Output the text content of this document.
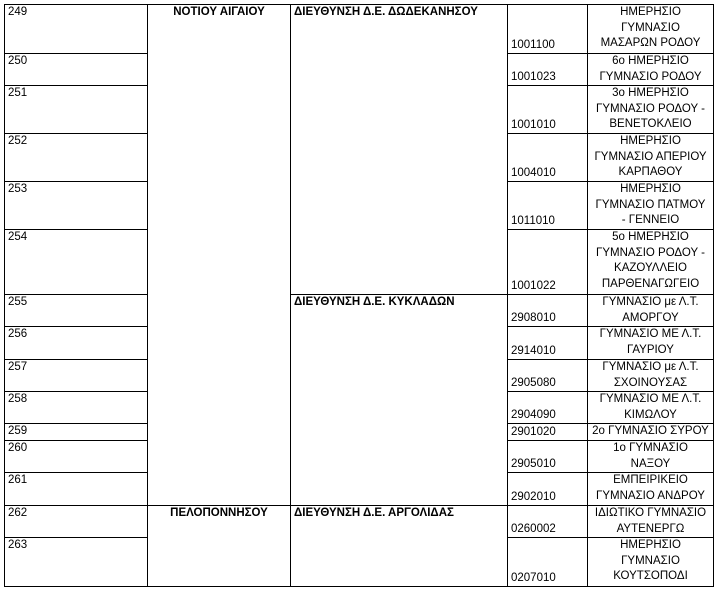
249	ΝΟΤΙΟΥ ΑΙΓΑΙΟΥ	ΔΙΕΥΘΥΝΣΗ Δ.Ε. ΔΩΔΕΚΑΝΗΣΟΥ	1001100	ΗΜΕΡΗΣΙΟ
ΓΥΜΝΑΣΙΟ
ΜΑΣΑΡΩΝ ΡΟΔΟΥ

250			1001023	6ο ΗΜΕΡΗΣΙΟ
ΓΥΜΝΑΣΙΟ ΡΟΔΟΥ

251			1001010	3ο ΗΜΕΡΗΣΙΟ
ΓΥΜΝΑΣΙΟ ΡΟΔΟΥ -
ΒΕΝΕΤΟΚΛΕΙΟ

252			1004010	ΗΜΕΡΗΣΙΟ
ΓΥΜΝΑΣΙΟ ΑΠΕΡΙΟΥ
ΚΑΡΠΑΘΟΥ

253			1011010	ΗΜΕΡΗΣΙΟ
ΓΥΜΝΑΣΙΟ ΠΑΤΜΟΥ
- ΓΕΝΝΕΙΟ

254			1001022	5ο ΗΜΕΡΗΣΙΟ
ΓΥΜΝΑΣΙΟ ΡΟΔΟΥ -
ΚΑΖΟΥΛΛΕΙΟ
ΠΑΡΘΕΝΑΓΩΓΕΙΟ

255		ΔΙΕΥΘΥΝΣΗ Δ.Ε. ΚΥΚΛΑΔΩΝ	2908010	ΓΥΜΝΑΣΙΟ με Λ.Τ.
ΑΜΟΡΓΟΥ

256			2914010	ΓΥΜΝΑΣΙΟ ΜΕ Λ.Τ.
ΓΑΥΡΙΟΥ

257			2905080	ΓΥΜΝΑΣΙΟ με Λ.Τ.
ΣΧΟΙΝΟΥΣΑΣ

258			2904090	ΓΥΜΝΑΣΙΟ ΜΕ Λ.Τ.
ΚΙΜΩΛΟΥ

259			2901020	2ο ΓΥΜΝΑΣΙΟ ΣΥΡΟΥ

260			2905010	1ο ΓΥΜΝΑΣΙΟ
ΝΑΞΟΥ

261			2902010	ΕΜΠΕΙΡΙΚΕΙΟ
ΓΥΜΝΑΣΙΟ ΑΝΔΡΟΥ

262	ΠΕΛΟΠΟΝΝΗΣΟΥ	ΔΙΕΥΘΥΝΣΗ Δ.Ε. ΑΡΓΟΛΙΔΑΣ	0260002	ΙΔΙΩΤΙΚΟ ΓΥΜΝΑΣΙΟ
ΑΥΤΕΝΕΡΓΩ

263			0207010	ΗΜΕΡΗΣΙΟ
ΓΥΜΝΑΣΙΟ
ΚΟΥΤΣΟΠΟΔΙ
